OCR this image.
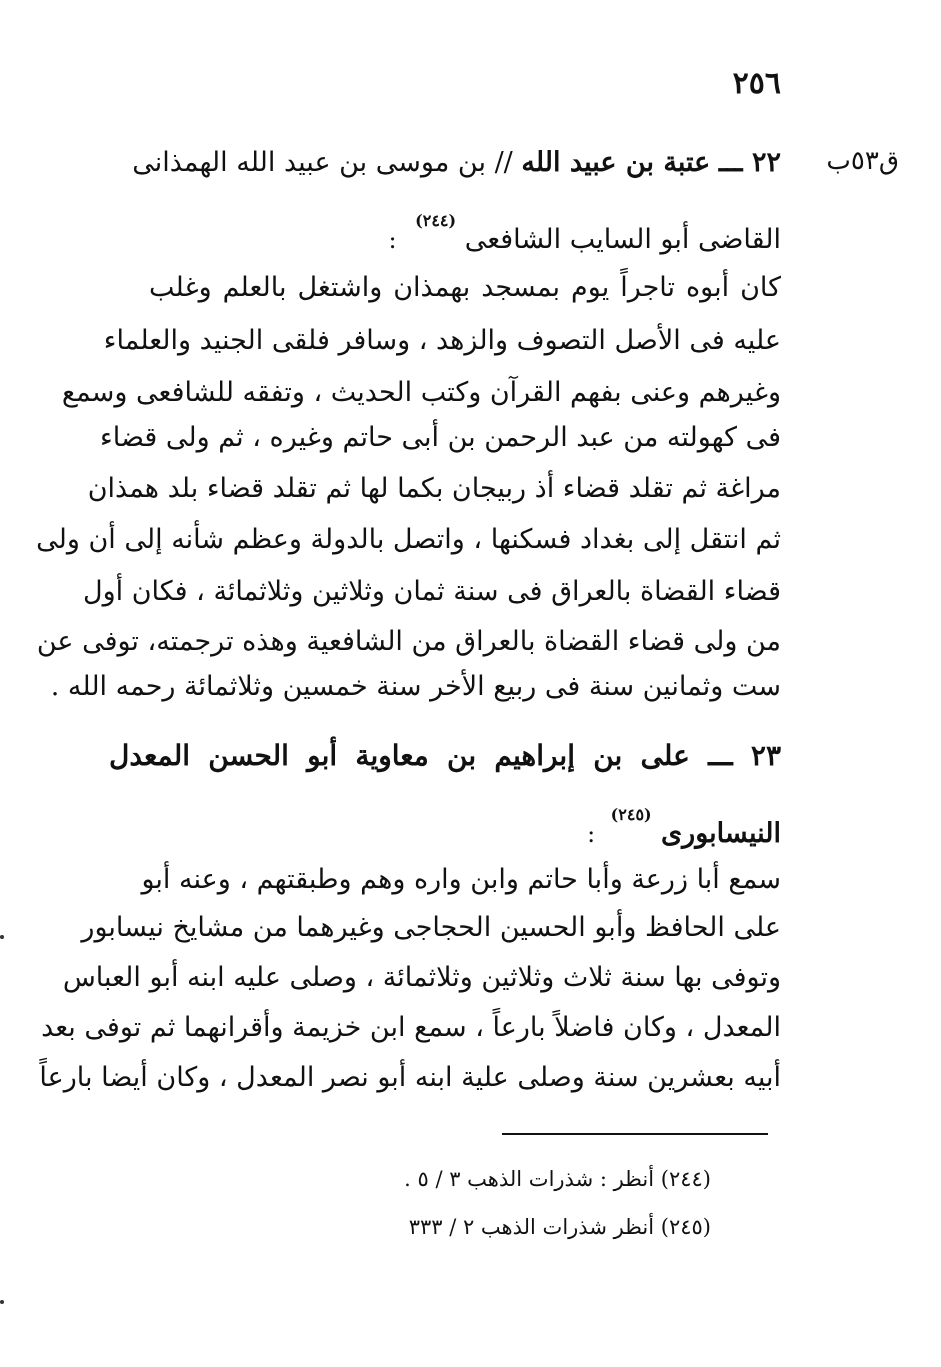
٢٥٦
ق٥٣ب
٢٢ ـــ عتبة بن عبيد الله // بن موسى بن عبيد الله الهمذانى
القاضى أبو السايب الشافعى $^{(٢٤٤)}$ :
كان أبوه تاجراً يوم بمسجد بهمذان واشتغل بالعلم وغلب
عليه فى الأصل التصوف والزهد ، وسافر فلقى الجنيد والعلماء
وغيرهم وعنى بفهم القرآن وكتب الحديث ، وتفقه للشافعى وسمع
فى كهولته من عبد الرحمن بن أبى حاتم وغيره ، ثم ولى قضاء
مراغة ثم تقلد قضاء أذ ربيجان بكما لها ثم تقلد قضاء بلد همذان
ثم انتقل إلى بغداد فسكنها ، واتصل بالدولة وعظم شأنه إلى أن ولى
قضاء القضاة بالعراق فى سنة ثمان وثلاثين وثلاثمائة ، فكان أول
من ولى قضاء القضاة بالعراق من الشافعية وهذه ترجمته، توفى عن
ست وثمانين سنة فى ربيع الأخر سنة خمسين وثلاثمائة رحمه الله .
٢٣ ـــ على بن إبراهيم بن معاوية أبو الحسن المعدل
النيسابورى $^{(٢٤٥)}$ :
سمع أبا زرعة وأبا حاتم وابن واره وهم وطبقتهم ، وعنه أبو
على الحافظ وأبو الحسين الحجاجى وغيرهما من مشايخ نيسابور
وتوفى بها سنة ثلاث وثلاثين وثلاثمائة ، وصلى عليه ابنه أبو العباس
المعدل ، وكان فاضلاً بارعاً ، سمع ابن خزيمة وأقرانهما ثم توفى بعد
أبيه بعشرين سنة وصلى علية ابنه أبو نصر المعدل ، وكان أيضا بارعاً
(٢٤٤) أنظر : شذرات الذهب ٣ / ٥ .
(٢٤٥) أنظر شذرات الذهب ٢ / ٣٣٣
